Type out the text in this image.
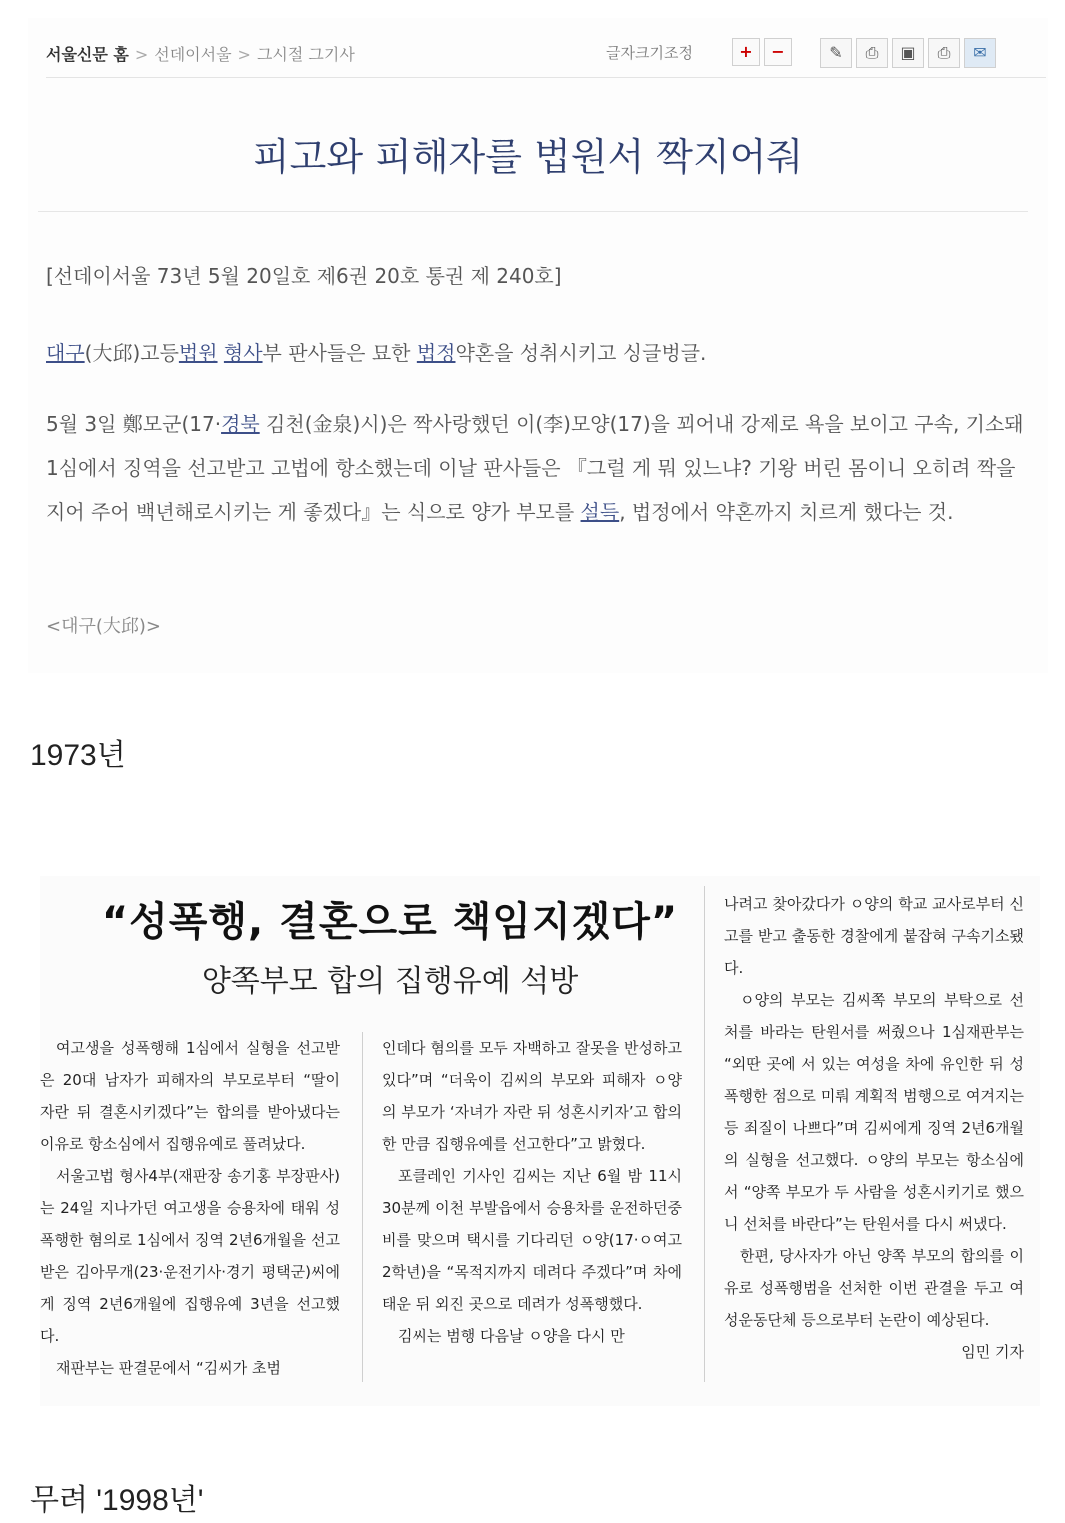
서울신문 홈 > 선데이서울 > 그시절 그기사	글자크기조정	+	−	✎	⎙	▣	⎙	✉
피고와 피해자를 법원서 짝지어줘
[선데이서울 73년 5월 20일호 제6권 20호 통권 제 240호]
대구(大邱)고등법원 형사부 판사들은 묘한 법정약혼을 성취시키고 싱글벙글.
5월 3일 鄭모군(17·경북 김천(金泉)시)은 짝사랑했던 이(李)모양(17)을 꾀어내 강제로 욕을 보이고 구속, 기소돼 1심에서 징역을 선고받고 고법에 항소했는데 이날 판사들은 『그럴 게 뭐 있느냐? 기왕 버린 몸이니 오히려 짝을 지어 주어 백년해로시키는 게 좋겠다』는 식으로 양가 부모를 설득, 법정에서 약혼까지 치르게 했다는 것.
<대구(大邱)>
1973년
“성폭행, 결혼으로 책임지겠다”
양쪽부모 합의 집행유예 석방

여고생을 성폭행해 1심에서 실형을 선고받은 20대 남자가 피해자의 부모로부터 “딸이 자란 뒤 결혼시키겠다”는 합의를 받아냈다는 이유로 항소심에서 집행유예로 풀려났다.

서울고법 형사4부(재판장 송기홍 부장판사)는 24일 지나가던 여고생을 승용차에 태워 성폭행한 혐의로 1심에서 징역 2년6개월을 선고받은 김아무개(23·운전기사·경기 평택군)씨에게 징역 2년6개월에 집행유예 3년을 선고했다.

재판부는 판결문에서 “김씨가 초범

인데다 혐의를 모두 자백하고 잘못을 반성하고 있다”며 “더욱이 김씨의 부모와 피해자 ㅇ양의 부모가 ‘자녀가 자란 뒤 성혼시키자’고 합의한 만큼 집행유예를 선고한다”고 밝혔다.

포클레인 기사인 김씨는 지난 6월 밤 11시30분께 이천 부발읍에서 승용차를 운전하던중 비를 맞으며 택시를 기다리던 ㅇ양(17·ㅇ여고 2학년)을 “목적지까지 데려다 주겠다”며 차에 태운 뒤 외진 곳으로 데려가 성폭행했다.

김씨는 범행 다음날 ㅇ양을 다시 만

나려고 찾아갔다가 ㅇ양의 학교 교사로부터 신고를 받고 출동한 경찰에게 붙잡혀 구속기소됐다.

ㅇ양의 부모는 김씨쪽 부모의 부탁으로 선처를 바라는 탄원서를 써줬으나 1심재판부는 “외딴 곳에 서 있는 여성을 차에 유인한 뒤 성폭행한 점으로 미뤄 계획적 범행으로 여겨지는 등 죄질이 나쁘다”며 김씨에게 징역 2년6개월의 실형을 선고했다. ㅇ양의 부모는 항소심에서 “양쪽 부모가 두 사람을 성혼시키기로 했으니 선처를 바란다”는 탄원서를 다시 써냈다.

한편, 당사자가 아닌 양쪽 부모의 합의를 이유로 성폭행범을 선처한 이번 관결을 두고 여성운동단체 등으로부터 논란이 예상된다.

임민 기자
무려 '1998년'
